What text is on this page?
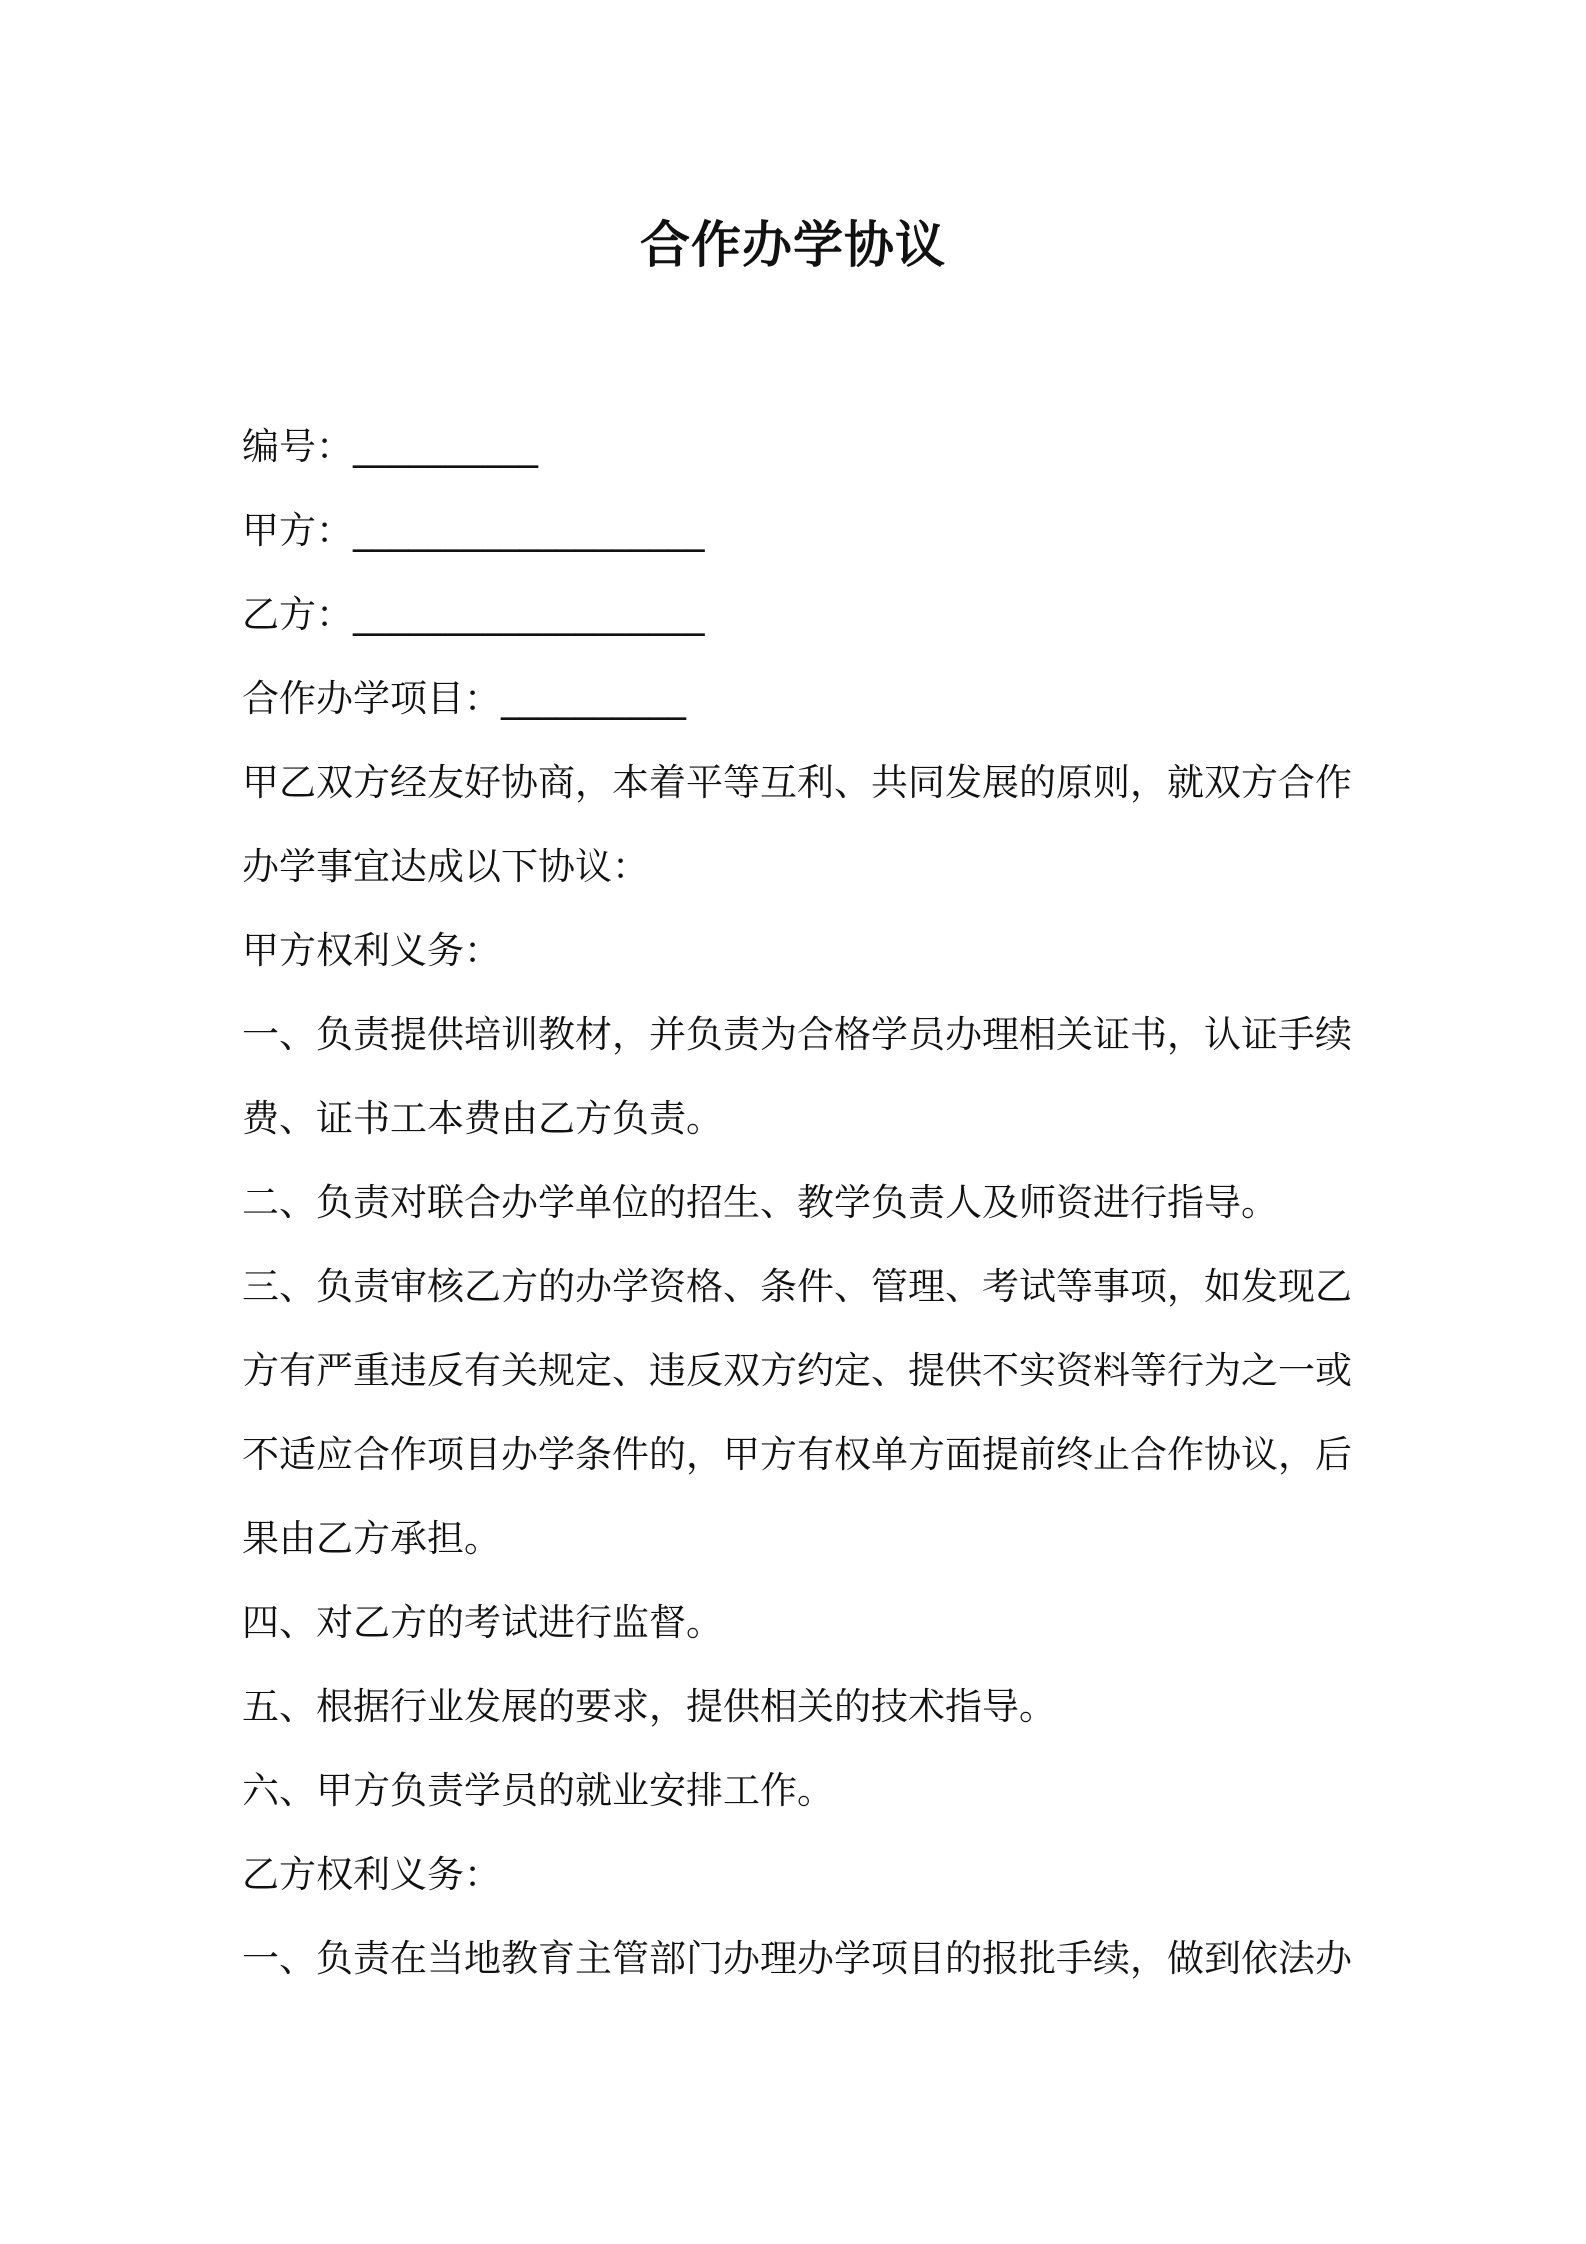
合作办学协议
编号：__________
甲方：___________________
乙方：___________________
合作办学项目：__________
甲乙双方经友好协商，本着平等互利、共同发展的原则，就双方合作
办学事宜达成以下协议：
甲方权利义务：
一、负责提供培训教材，并负责为合格学员办理相关证书，认证手续
费、证书工本费由乙方负责。
二、负责对联合办学单位的招生、教学负责人及师资进行指导。
三、负责审核乙方的办学资格、条件、管理、考试等事项，如发现乙
方有严重违反有关规定、违反双方约定、提供不实资料等行为之一或
不适应合作项目办学条件的，甲方有权单方面提前终止合作协议，后
果由乙方承担。
四、对乙方的考试进行监督。
五、根据行业发展的要求，提供相关的技术指导。
六、甲方负责学员的就业安排工作。
乙方权利义务：
一、负责在当地教育主管部门办理办学项目的报批手续，做到依法办
